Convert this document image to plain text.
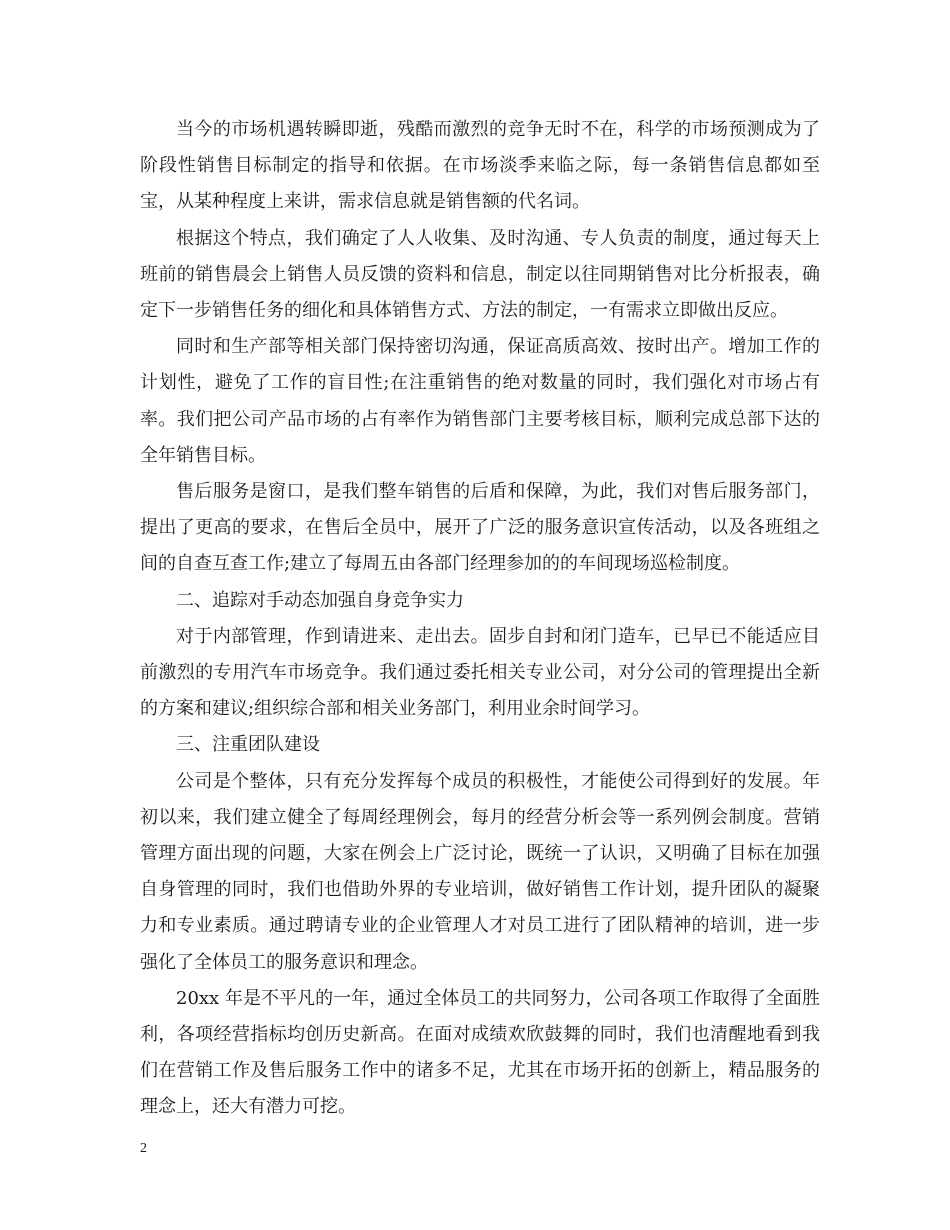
当今的市场机遇转瞬即逝，残酷而激烈的竞争无时不在，科学的市场预测成为了阶段性销售目标制定的指导和依据。在市场淡季来临之际，每一条销售信息都如至宝，从某种程度上来讲，需求信息就是销售额的代名词。

根据这个特点，我们确定了人人收集、及时沟通、专人负责的制度，通过每天上班前的销售晨会上销售人员反馈的资料和信息，制定以往同期销售对比分析报表，确定下一步销售任务的细化和具体销售方式、方法的制定，一有需求立即做出反应。

同时和生产部等相关部门保持密切沟通，保证高质高效、按时出产。增加工作的计划性，避免了工作的盲目性;在注重销售的绝对数量的同时，我们强化对市场占有率。我们把公司产品市场的占有率作为销售部门主要考核目标，顺利完成总部下达的全年销售目标。

售后服务是窗口，是我们整车销售的后盾和保障，为此，我们对售后服务部门，提出了更高的要求，在售后全员中，展开了广泛的服务意识宣传活动，以及各班组之间的自查互查工作;建立了每周五由各部门经理参加的的车间现场巡检制度。

二、追踪对手动态加强自身竞争实力

对于内部管理，作到请进来、走出去。固步自封和闭门造车，已早已不能适应目前激烈的专用汽车市场竞争。我们通过委托相关专业公司，对分公司的管理提出全新的方案和建议;组织综合部和相关业务部门，利用业余时间学习。

三、注重团队建设

公司是个整体，只有充分发挥每个成员的积极性，才能使公司得到好的发展。年初以来，我们建立健全了每周经理例会，每月的经营分析会等一系列例会制度。营销管理方面出现的问题，大家在例会上广泛讨论，既统一了认识，又明确了目标在加强自身管理的同时，我们也借助外界的专业培训，做好销售工作计划，提升团队的凝聚力和专业素质。通过聘请专业的企业管理人才对员工进行了团队精神的培训，进一步强化了全体员工的服务意识和理念。

20xx 年是不平凡的一年，通过全体员工的共同努力，公司各项工作取得了全面胜利，各项经营指标均创历史新高。在面对成绩欢欣鼓舞的同时，我们也清醒地看到我们在营销工作及售后服务工作中的诸多不足，尤其在市场开拓的创新上，精品服务的理念上，还大有潜力可挖。

2
